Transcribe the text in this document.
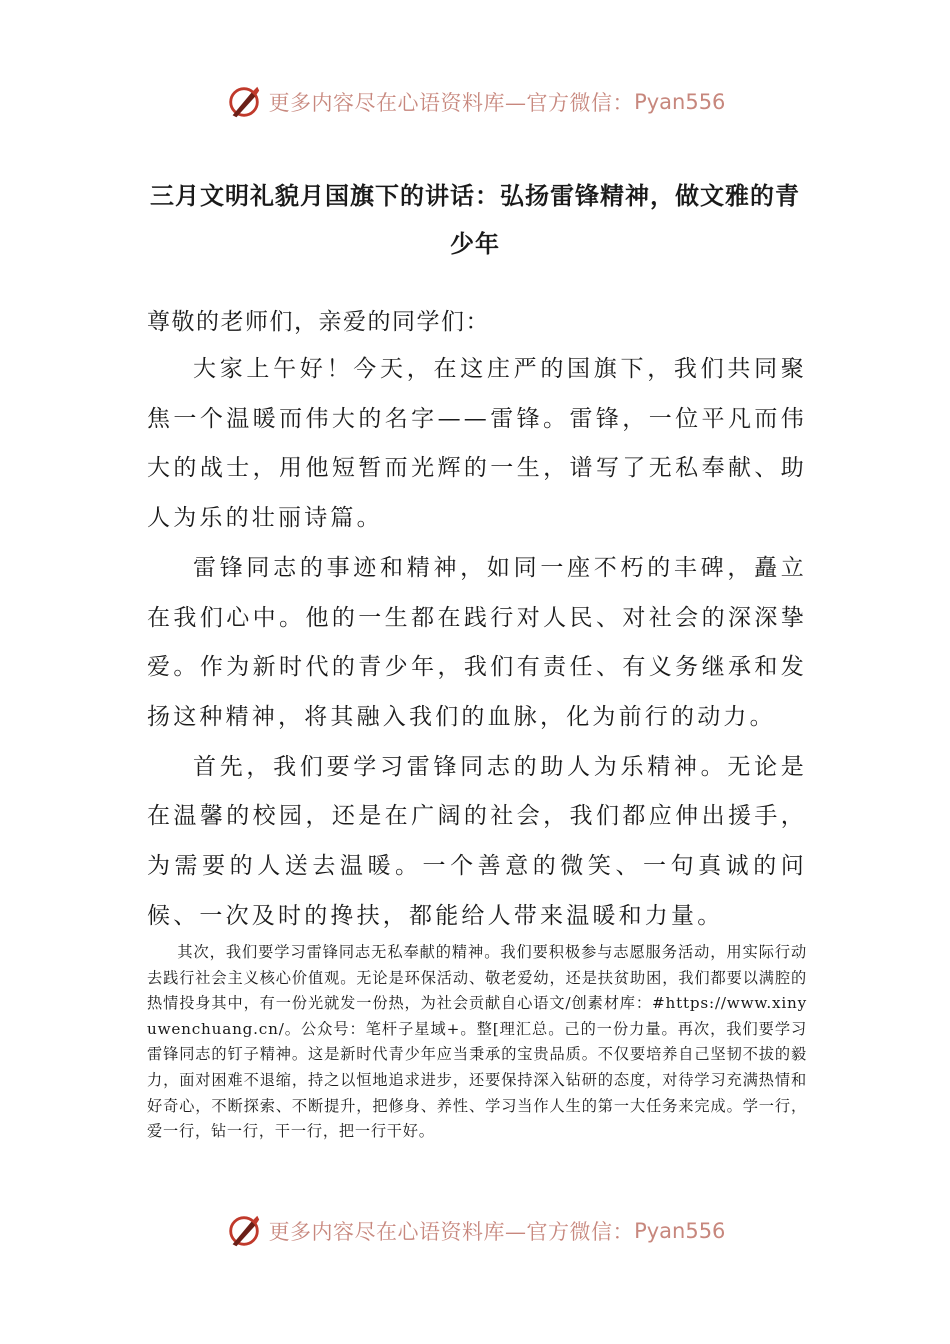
更多内容尽在心语资料库—官方微信： Pyan556
三月文明礼貌月国旗下的讲话：弘扬雷锋精神，做文雅的青少年
尊敬的老师们，亲爱的同学们：

大家上午好！今天，在这庄严的国旗下，我们共同聚焦一个温暖而伟大的名字——雷锋。雷锋，一位平凡而伟大的战士，用他短暂而光辉的一生，谱写了无私奉献、助人为乐的壮丽诗篇。

雷锋同志的事迹和精神，如同一座不朽的丰碑，矗立在我们心中。他的一生都在践行对人民、对社会的深深挚爱。作为新时代的青少年，我们有责任、有义务继承和发扬这种精神，将其融入我们的血脉，化为前行的动力。

首先，我们要学习雷锋同志的助人为乐精神。无论是在温馨的校园，还是在广阔的社会，我们都应伸出援手，为需要的人送去温暖。一个善意的微笑、一句真诚的问候、一次及时的搀扶，都能给人带来温暖和力量。

其次，我们要学习雷锋同志无私奉献的精神。我们要积极参与志愿服务活动，用实际行动去践行社会主义核心价值观。无论是环保活动、敬老爱幼，还是扶贫助困，我们都要以满腔的热情投身其中，有一份光就发一份热，为社会贡献自心语文/创素材库：#https://www.xinyuwenchuang.cn/。公众号：笔杆子星域+。整[理汇总。己的一份力量。再次，我们要学习雷锋同志的钉子精神。这是新时代青少年应当秉承的宝贵品质。不仅要培养自己坚韧不拔的毅力，面对困难不退缩，持之以恒地追求进步，还要保持深入钻研的态度，对待学习充满热情和好奇心，不断探索、不断提升，把修身、养性、学习当作人生的第一大任务来完成。学一行，爱一行，钻一行，干一行，把一行干好。

更多内容尽在心语资料库—官方微信： Pyan556
